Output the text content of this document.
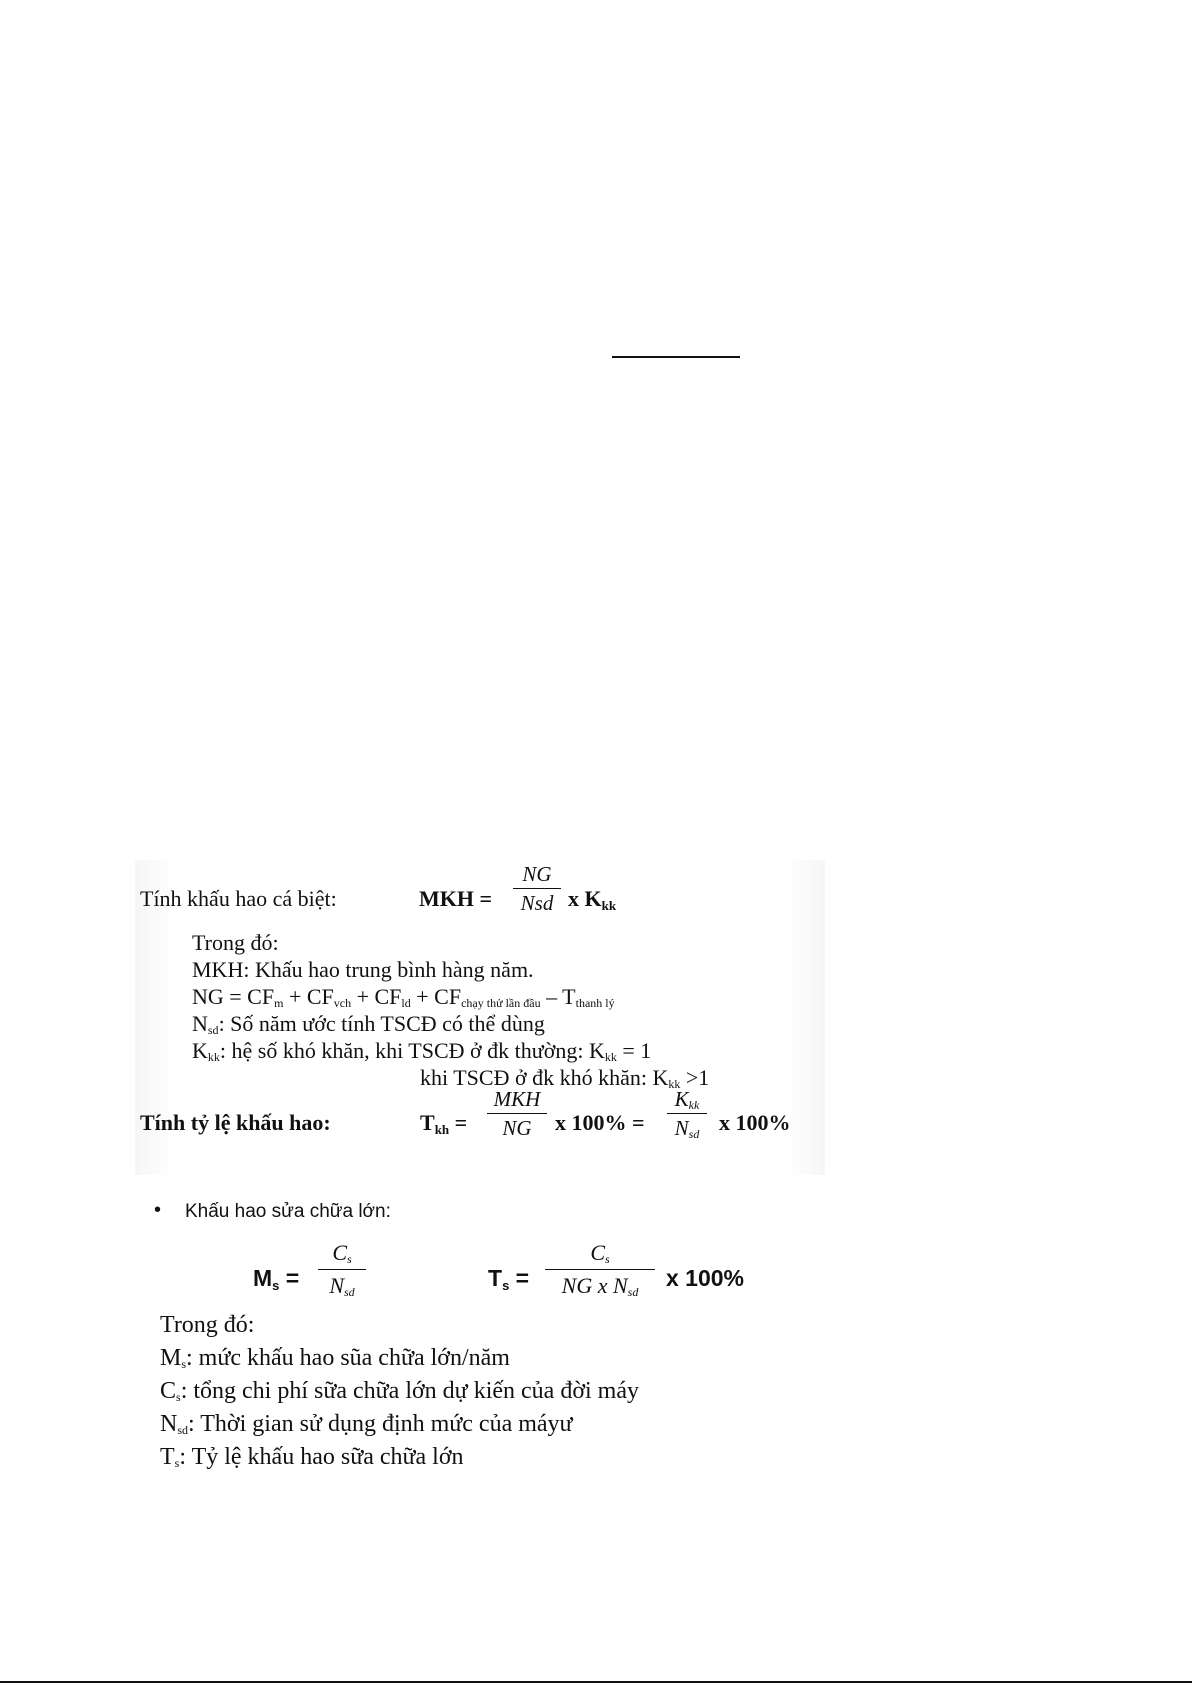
Tính khấu hao cá biệt:	MKH =
NG
Nsd x $K_{kk}$
Trong đó:
MKH: Khấu hao trung bình hàng năm.
NG = $CF_m + CF_{vch} + CF_{ld} + CF_{chạy thử lần đầu} - T_{thanh lý}$
$N_{sd}$: Số năm ước tính TSCĐ có thể dùng
$K_{kk}$: hệ số khó khăn, khi TSCĐ ở đk thường: $K_{kk} = 1$
khi TSCĐ ở đk khó khăn: $K_{kk} >1$
Tính tỷ lệ khấu hao:	$T_{kh}$ =
MKH
NG	x 100% =
$K_{kk}$
$N_{sd}$ x 100%
• Khấu hao sửa chữa lớn:
$M_s$ =
$C_s$
$N_{sd}$
$T_s$ =
$C_s$
NG x $N_{sd}$
x 100%
Trong đó:
$M_s$: mức khấu hao sũa chữa lớn/năm
$C_s$: tổng chi phí sữa chữa lớn dự kiến của đời máy
$N_{sd}$: Thời gian sử dụng định mức của máyư
$T_s$: Tỷ lệ khấu hao sữa chữa lớn
